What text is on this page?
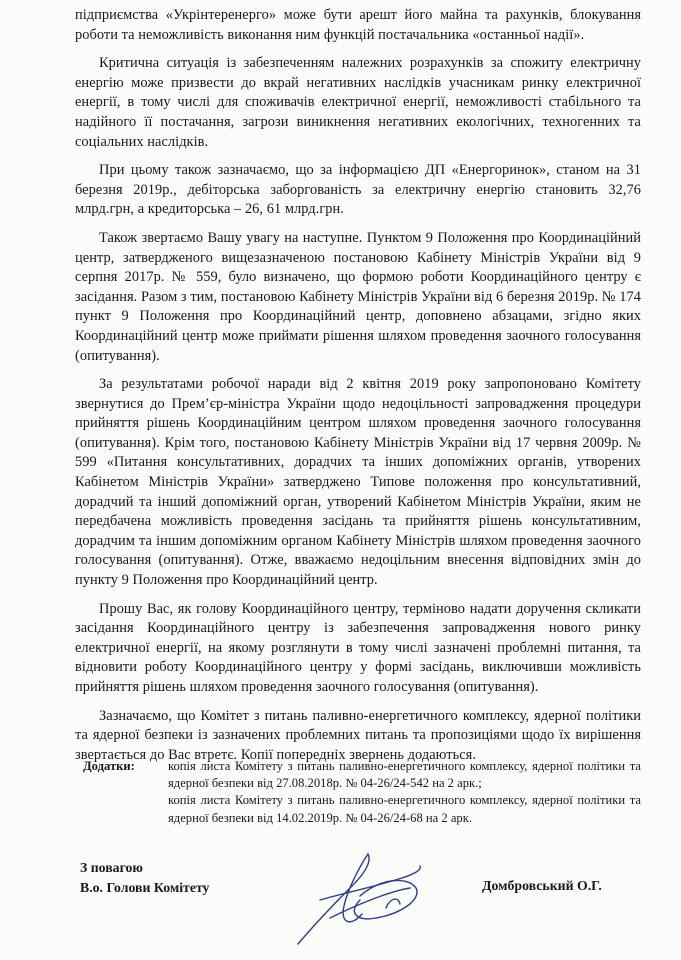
підприємства «Укрінтеренерго» може бути арешт його майна та рахунків, блокування роботи та неможливість виконання ним функцій постачальника «останньої надії».

Критична ситуація із забезпеченням належних розрахунків за спожиту електричну енергію може призвести до вкрай негативних наслідків учасникам ринку електричної енергії, в тому числі для споживачів електричної енергії, неможливості стабільного та надійного її постачання, загрози виникнення негативних екологічних, техногенних та соціальних наслідків.

При цьому також зазначаємо, що за інформацією ДП «Енергоринок», станом на 31 березня 2019р., дебіторська заборгованість за електричну енергію становить 32,76 млрд.грн, а кредиторська – 26, 61 млрд.грн.

Також звертаємо Вашу увагу на наступне. Пунктом 9 Положення про Координаційний центр, затвердженого вищезазначеною постановою Кабінету Міністрів України від 9 серпня 2017р. № 559, було визначено, що формою роботи Координаційного центру є засідання. Разом з тим, постановою Кабінету Міністрів України від 6 березня 2019р. № 174 пункт 9 Положення про Координаційний центр, доповнено абзацами, згідно яких Координаційний центр може приймати рішення шляхом проведення заочного голосування (опитування).

За результатами робочої наради від 2 квітня 2019 року запропоновано Комітету звернутися до Прем’єр-міністра України щодо недоцільності запровадження процедури прийняття рішень Координаційним центром шляхом проведення заочного голосування (опитування). Крім того, постановою Кабінету Міністрів України від 17 червня 2009р. № 599 «Питання консультативних, дорадчих та інших допоміжних органів, утворених Кабінетом Міністрів України» затверджено Типове положення про консультативний, дорадчий та інший допоміжний орган, утворений Кабінетом Міністрів України, яким не передбачена можливість проведення засідань та прийняття рішень консультативним, дорадчим та іншим допоміжним органом Кабінету Міністрів шляхом проведення заочного голосування (опитування). Отже, вважаємо недоцільним внесення відповідних змін до пункту 9 Положення про Координаційний центр.

Прошу Вас, як голову Координаційного центру, терміново надати доручення скликати засідання Координаційного центру із забезпечення запровадження нового ринку електричної енергії, на якому розглянути в тому числі зазначені проблемні питання, та відновити роботу Координаційного центру у формі засідань, виключивши можливість прийняття рішень шляхом проведення заочного голосування (опитування).

Зазначаємо, що Комітет з питань паливно-енергетичного комплексу, ядерної політики та ядерної безпеки із зазначених проблемних питань та пропозиціями щодо їх вирішення звертається до Вас втретє. Копії попередніх звернень додаються.

Додатки:	копія листа Комітету з питань паливно-енергетичного комплексу, ядерної політики та ядерної безпеки від 27.08.2018р. № 04-26/24-542 на 2 арк.;
копія листа Комітету з питань паливно-енергетичного комплексу, ядерної політики та ядерної безпеки від 14.02.2019р. № 04-26/24-68 на 2 арк.
З повагою
В.о. Голови Комітету	Домбровський О.Г.
